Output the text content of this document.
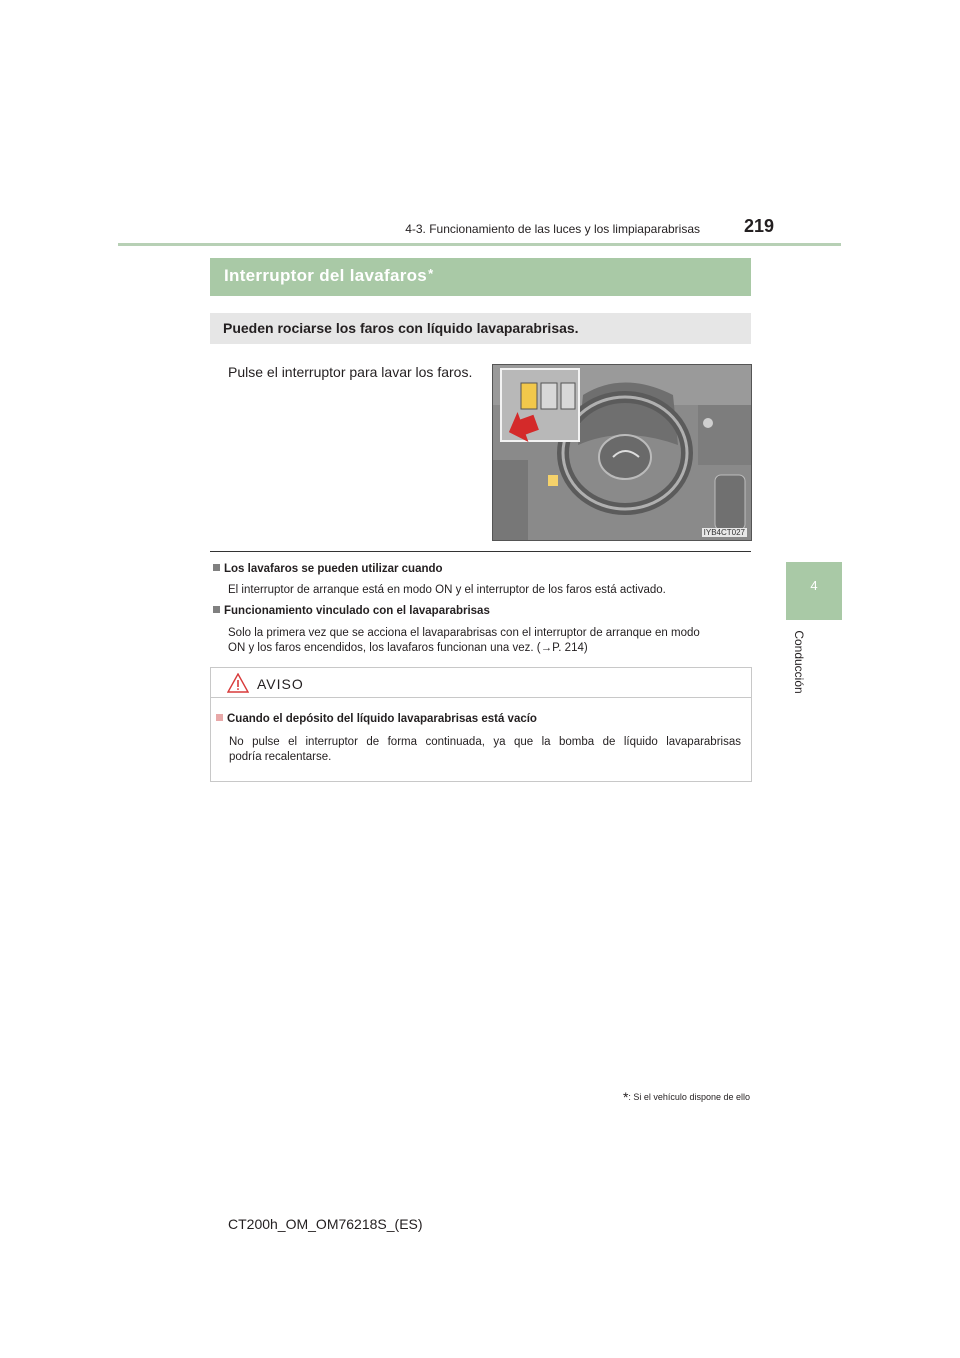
4-3. Funcionamiento de las luces y los limpiaparabrisas	219
4
Conducción
Interruptor del lavafaros*
Pueden rociarse los faros con líquido lavaparabrisas.
Pulse el interruptor para lavar los faros.
IYB4CT027
Los lavafaros se pueden utilizar cuando
El interruptor de arranque está en modo ON y el interruptor de los faros está activado.
Funcionamiento vinculado con el lavaparabrisas
Solo la primera vez que se acciona el lavaparabrisas con el interruptor de arranque en modo
ON y los faros encendidos, los lavafaros funcionan una vez. (→P. 214)
AVISO
Cuando el depósito del líquido lavaparabrisas está vacío
No pulse el interruptor de forma continuada, ya que la bomba de líquido lavaparabrisas
podría recalentarse.
*: Si el vehículo dispone de ello
CT200h_OM_OM76218S_(ES)
